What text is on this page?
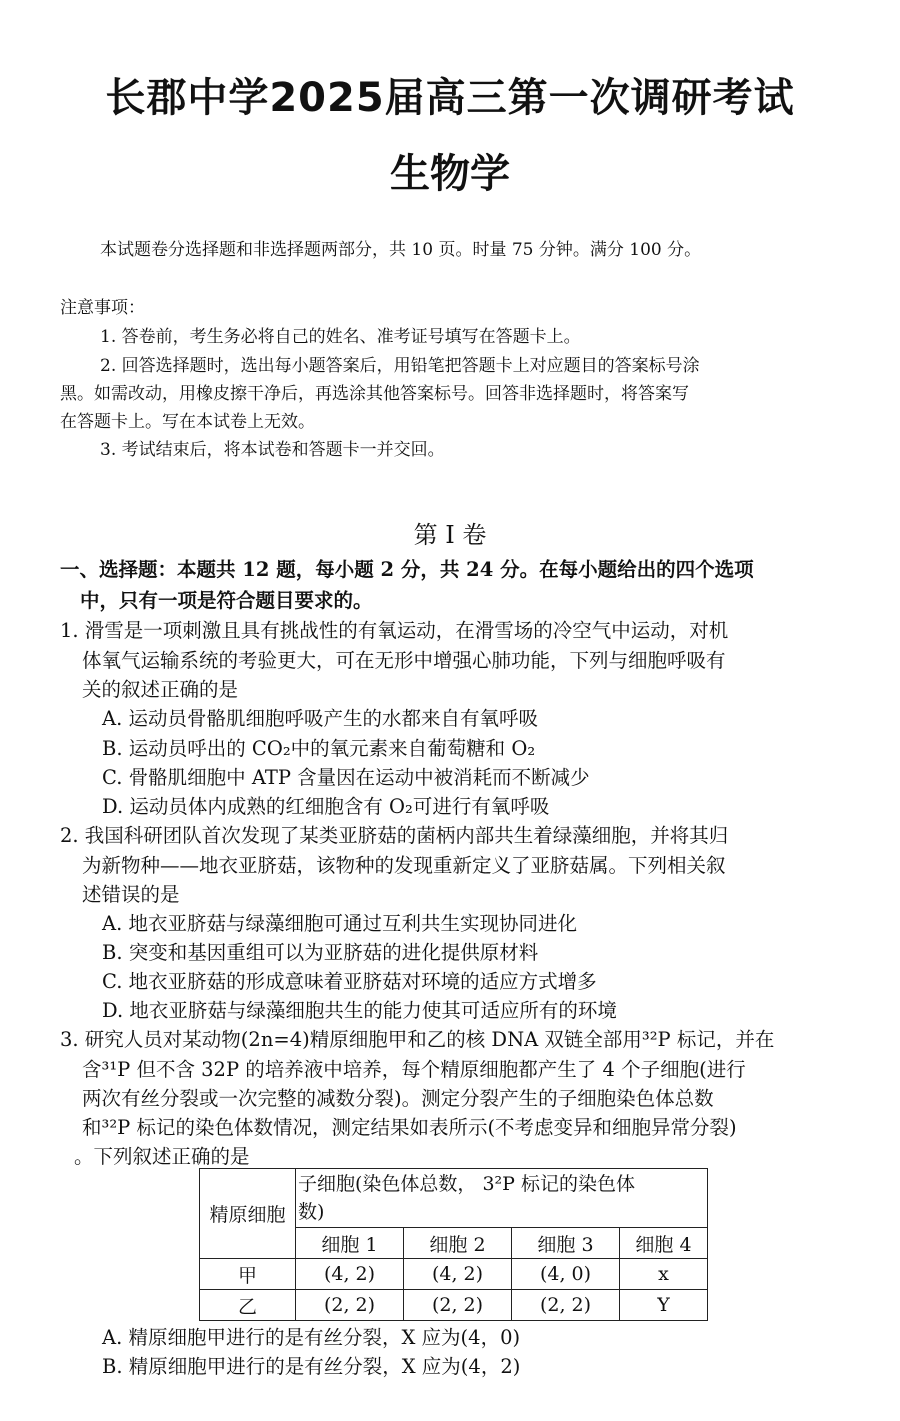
长郡中学2025届高三第一次调研考试
生物学
本试题卷分选择题和非选择题两部分，共 10 页。时量 75 分钟。满分 100 分。
注意事项：
1. 答卷前，考生务必将自己的姓名、准考证号填写在答题卡上。
2. 回答选择题时，选出每小题答案后，用铅笔把答题卡上对应题目的答案标号涂
黑。如需改动，用橡皮擦干净后，再选涂其他答案标号。回答非选择题时，将答案写
在答题卡上。写在本试卷上无效。
3. 考试结束后，将本试卷和答题卡一并交回。
第 I 卷
一、选择题：本题共 12 题，每小题 2 分，共 24 分。在每小题给出的四个选项
中，只有一项是符合题目要求的。
1. 滑雪是一项刺激且具有挑战性的有氧运动，在滑雪场的冷空气中运动，对机
体氧气运输系统的考验更大，可在无形中增强心肺功能，下列与细胞呼吸有
关的叙述正确的是
A. 运动员骨骼肌细胞呼吸产生的水都来自有氧呼吸
B. 运动员呼出的 CO₂中的氧元素来自葡萄糖和 O₂
C. 骨骼肌细胞中 ATP 含量因在运动中被消耗而不断减少
D. 运动员体内成熟的红细胞含有 O₂可进行有氧呼吸
2. 我国科研团队首次发现了某类亚脐菇的菌柄内部共生着绿藻细胞，并将其归
为新物种——地衣亚脐菇，该物种的发现重新定义了亚脐菇属。下列相关叙
述错误的是
A. 地衣亚脐菇与绿藻细胞可通过互利共生实现协同进化
B. 突变和基因重组可以为亚脐菇的进化提供原材料
C. 地衣亚脐菇的形成意味着亚脐菇对环境的适应方式增多
D. 地衣亚脐菇与绿藻细胞共生的能力使其可适应所有的环境
3. 研究人员对某动物(2n=4)精原细胞甲和乙的核 DNA 双链全部用³²P 标记，并在
含³¹P 但不含 32P 的培养液中培养，每个精原细胞都产生了 4 个子细胞(进行
两次有丝分裂或一次完整的减数分裂)。测定分裂产生的子细胞染色体总数
和³²P 标记的染色体数情况，测定结果如表所示(不考虑变异和细胞异常分裂)
。下列叙述正确的是
精原细胞	子细胞(染色体总数， 3²P 标记的染色体
数)			
	细胞 1	细胞 2	细胞 3	细胞 4
甲	(4, 2)	(4, 2)	(4, 0)	x
乙	(2, 2)	(2, 2)	(2, 2)	Y
A. 精原细胞甲进行的是有丝分裂，X 应为(4，0)
B. 精原细胞甲进行的是有丝分裂，X 应为(4，2)
